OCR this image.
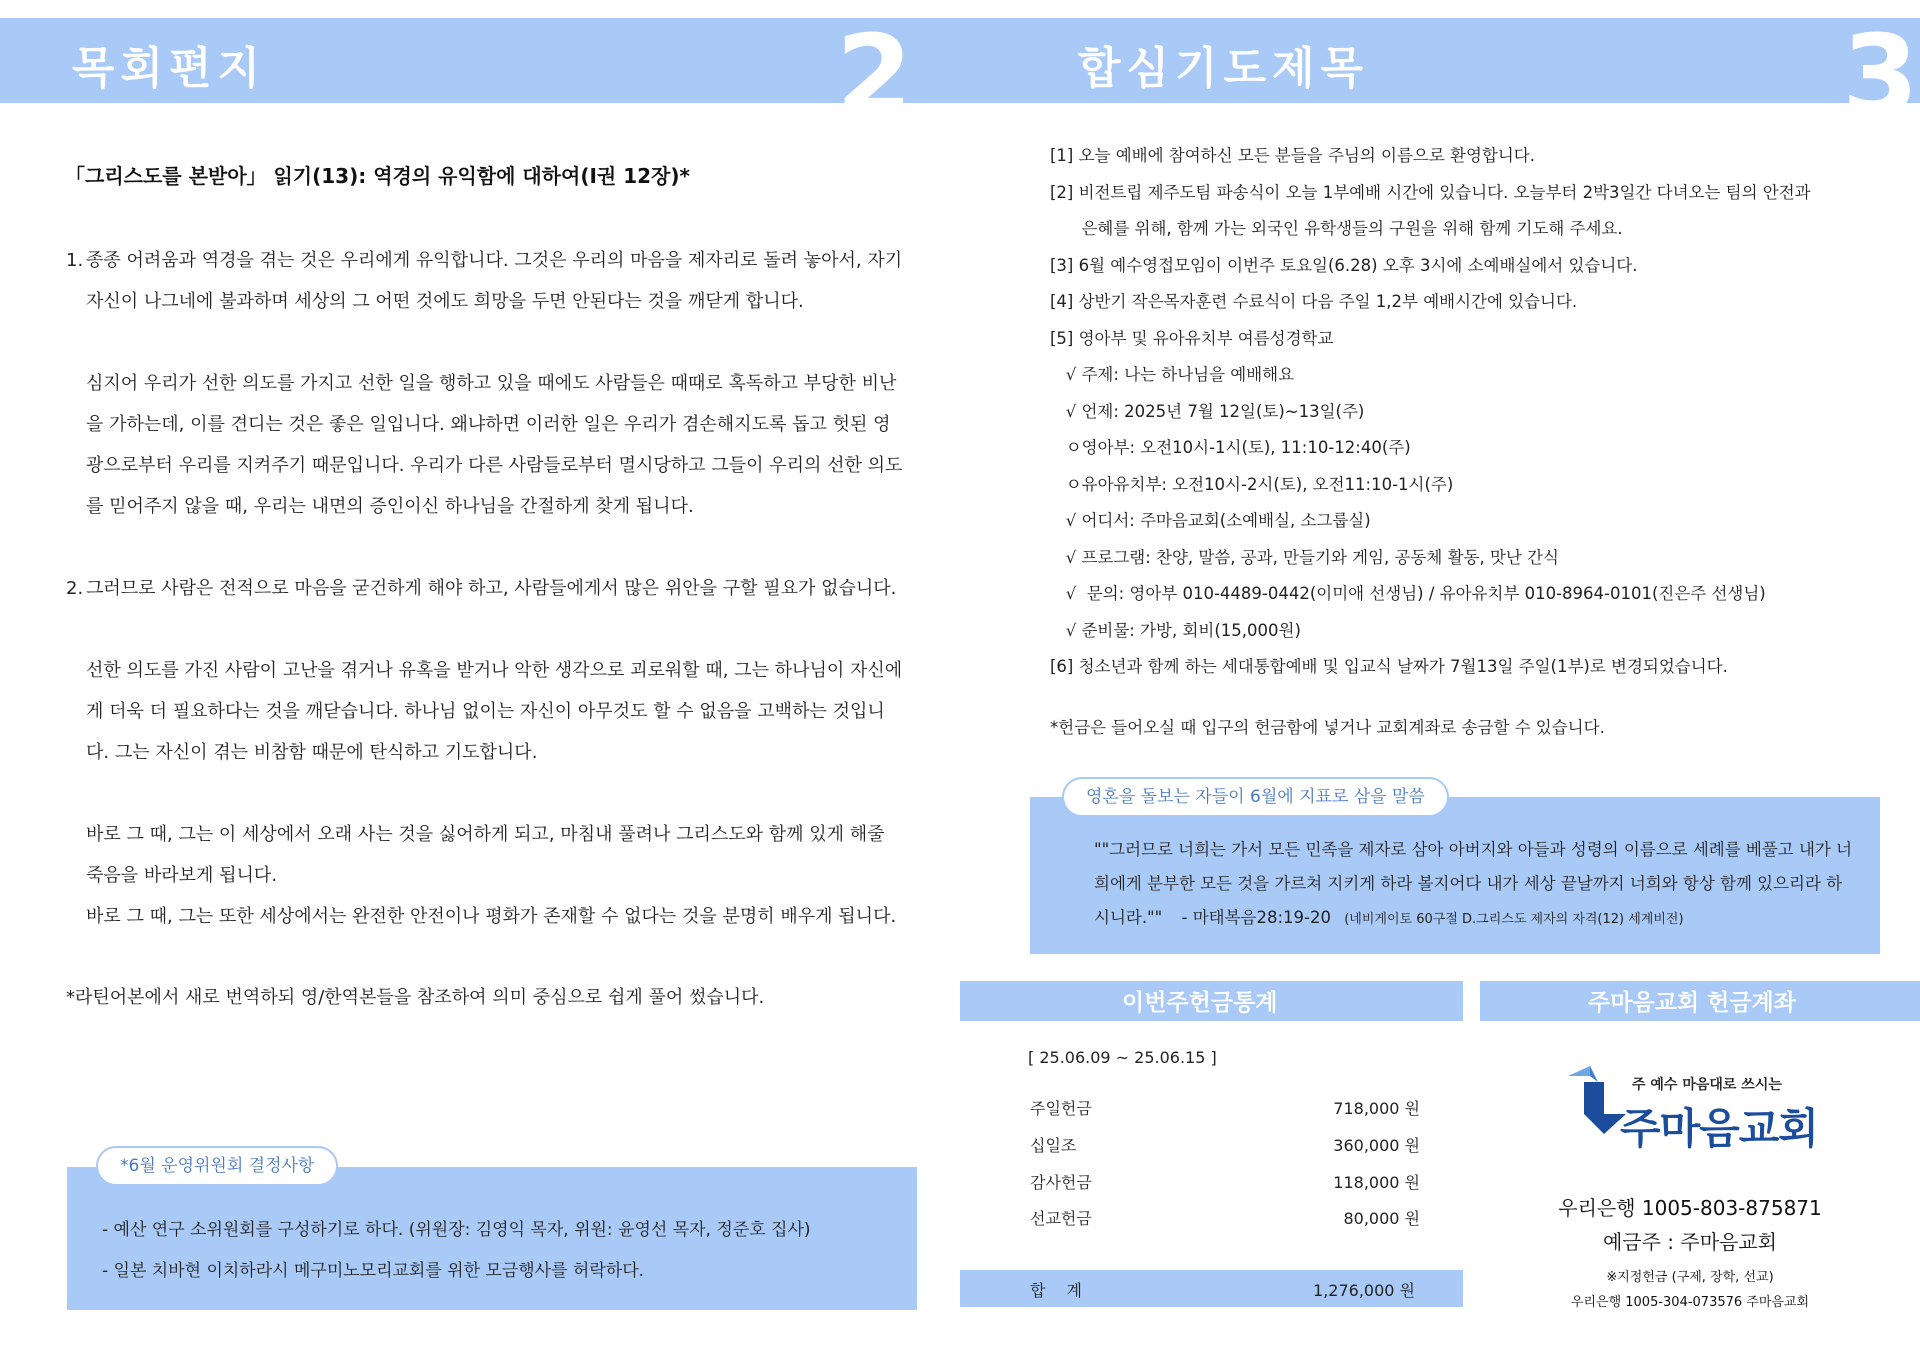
목회편지	2
「그리스도를 본받아」 읽기(13): 역경의 유익함에 대하여(I권 12장)*

1. 종종 어려움과 역경을 겪는 것은 우리에게 유익합니다. 그것은 우리의 마음을 제자리로 돌려 놓아서, 자기 자신이 나그네에 불과하며 세상의 그 어떤 것에도 희망을 두면 안된다는 것을 깨닫게 합니다.

심지어 우리가 선한 의도를 가지고 선한 일을 행하고 있을 때에도 사람들은 때때로 혹독하고 부당한 비난을 가하는데, 이를 견디는 것은 좋은 일입니다. 왜냐하면 이러한 일은 우리가 겸손해지도록 돕고 헛된 영광으로부터 우리를 지켜주기 때문입니다. 우리가 다른 사람들로부터 멸시당하고 그들이 우리의 선한 의도를 믿어주지 않을 때, 우리는 내면의 증인이신 하나님을 간절하게 찾게 됩니다.

2. 그러므로 사람은 전적으로 마음을 굳건하게 해야 하고, 사람들에게서 많은 위안을 구할 필요가 없습니다.

선한 의도를 가진 사람이 고난을 겪거나 유혹을 받거나 악한 생각으로 괴로워할 때, 그는 하나님이 자신에게 더욱 더 필요하다는 것을 깨닫습니다. 하나님 없이는 자신이 아무것도 할 수 없음을 고백하는 것입니다. 그는 자신이 겪는 비참함 때문에 탄식하고 기도합니다.

바로 그 때, 그는 이 세상에서 오래 사는 것을 싫어하게 되고, 마침내 풀려나 그리스도와 함께 있게 해줄 죽음을 바라보게 됩니다.

바로 그 때, 그는 또한 세상에서는 완전한 안전이나 평화가 존재할 수 없다는 것을 분명히 배우게 됩니다.

*라틴어본에서 새로 번역하되 영/한역본들을 참조하여 의미 중심으로 쉽게 풀어 썼습니다.
- 예산 연구 소위원회를 구성하기로 하다. (위원장: 김영익 목자, 위원: 윤영선 목자, 정준호 집사)
- 일본 치바현 이치하라시 메구미노모리교회를 위한 모금행사를 허락하다.
*6월 운영위원회 결정사항
합심기도제목	3
[1] 오늘 예배에 참여하신 모든 분들을 주님의 이름으로 환영합니다.
[2] 비전트립 제주도팀 파송식이 오늘 1부예배 시간에 있습니다. 오늘부터 2박3일간 다녀오는 팀의 안전과
은혜를 위해, 함께 가는 외국인 유학생들의 구원을 위해 함께 기도해 주세요.
[3] 6월 예수영접모임이 이번주 토요일(6.28) 오후 3시에 소예배실에서 있습니다.
[4] 상반기 작은목자훈련 수료식이 다음 주일 1,2부 예배시간에 있습니다.
[5] 영아부 및 유아유치부 여름성경학교
√ 주제: 나는 하나님을 예배해요
√ 언제: 2025년 7월 12일(토)~13일(주)
ㅇ영아부: 오전10시-1시(토), 11:10-12:40(주)
ㅇ유아유치부: 오전10시-2시(토), 오전11:10-1시(주)
√ 어디서: 주마음교회(소예배실, 소그룹실)
√ 프로그램: 찬양, 말씀, 공과, 만들기와 게임, 공동체 활동, 맛난 간식
√  문의: 영아부 010-4489-0442(이미애 선생님) / 유아유치부 010-8964-0101(진은주 선생님)
√ 준비물: 가방, 회비(15,000원)
[6] 청소년과 함께 하는 세대통합예배 및 입교식 날짜가 7월13일 주일(1부)로 변경되었습니다.
*헌금은 들어오실 때 입구의 헌금함에 넣거나 교회계좌로 송금할 수 있습니다.
""그러므로 너희는 가서 모든 민족을 제자로 삼아 아버지와 아들과 성령의 이름으로 세례를 베풀고 내가 너희에게 분부한 모든 것을 가르쳐 지키게 하라 볼지어다 내가 세상 끝날까지 너희와 항상 함께 있으리라 하시니라."" - 마태복음28:19-20 (네비게이토 60구절 D.그리스도 제자의 자격(12) 세계비전)
영혼을 돌보는 자들이 6월에 지표로 삼을 말씀
이번주헌금통계	주마음교회 헌금계좌
[ 25.06.09 ~ 25.06.15 ]
주일헌금	718,000 원
십일조	360,000 원
감사헌금	118,000 원
선교헌금	80,000 원
합 계	1,276,000 원
주 예수 마음대로 쓰시는
주마음교회
우리은행 1005-803-875871
예금주 : 주마음교회
※지정헌금 (구제, 장학, 선교)
우리은행 1005-304-073576 주마음교회
